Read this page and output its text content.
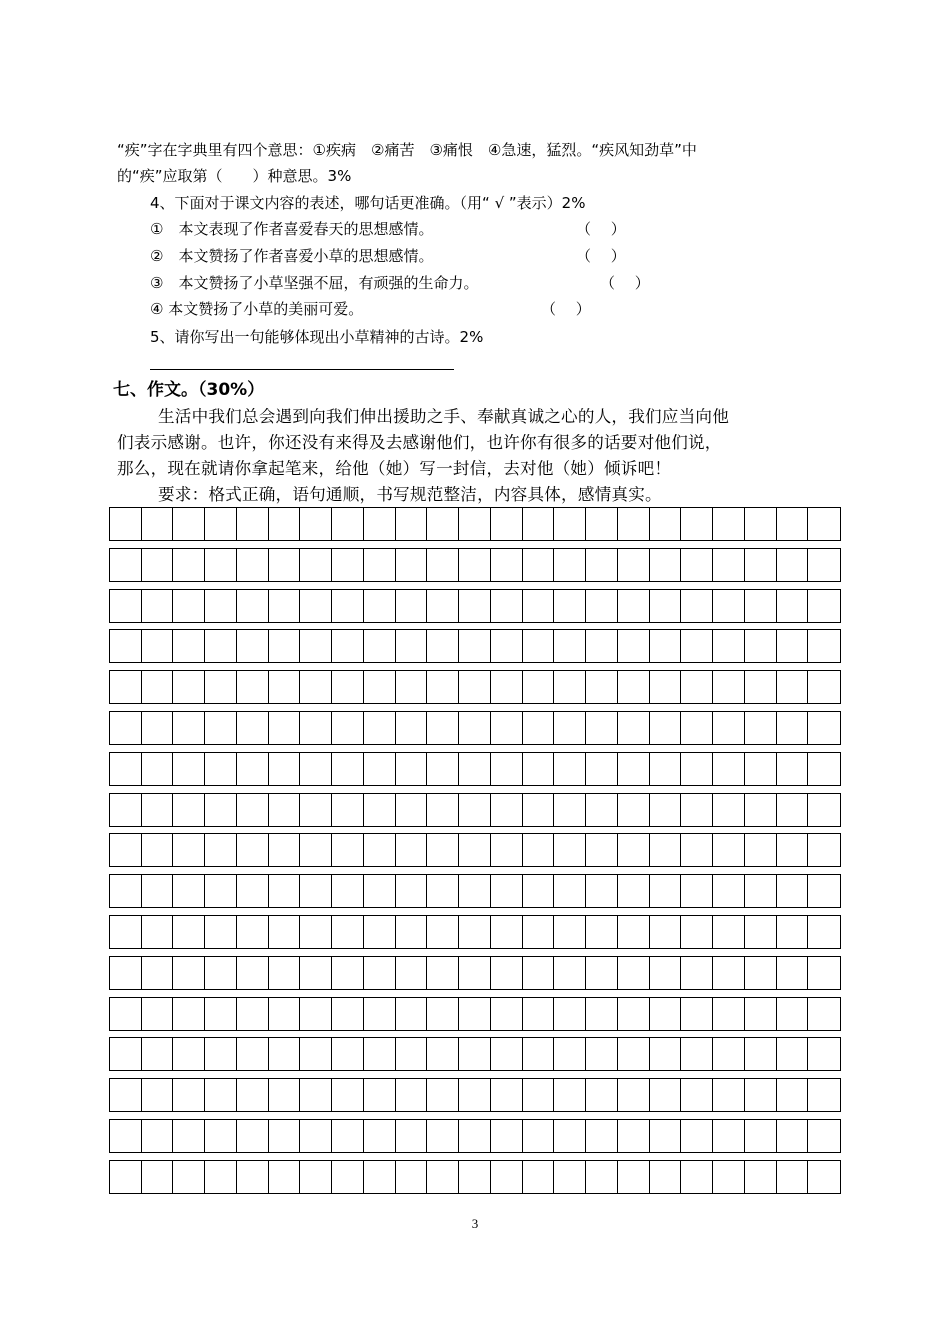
“疾”字在字典里有四个意思：①疾病　②痛苦　③痛恨　④急速，猛烈。“疾风知劲草”中
的“疾”应取第（　　）种意思。3%
4、下面对于课文内容的表述，哪句话更准确。（用“ √ ”表示）2%
①　本文表现了作者喜爱春天的思想感情。	（　 ）
②　本文赞扬了作者喜爱小草的思想感情。	（　 ）
③　本文赞扬了小草坚强不屈，有顽强的生命力。	（　 ）
④ 本文赞扬了小草的美丽可爱。	（　 ）
5、请你写出一句能够体现出小草精神的古诗。2%
七、作文。（30%）
生活中我们总会遇到向我们伸出援助之手、奉献真诚之心的人，我们应当向他
们表示感谢。也许，你还没有来得及去感谢他们，也许你有很多的话要对他们说，
那么，现在就请你拿起笔来，给他（她）写一封信，去对他（她）倾诉吧！
要求：格式正确，语句通顺，书写规范整洁，内容具体，感情真实。
3
